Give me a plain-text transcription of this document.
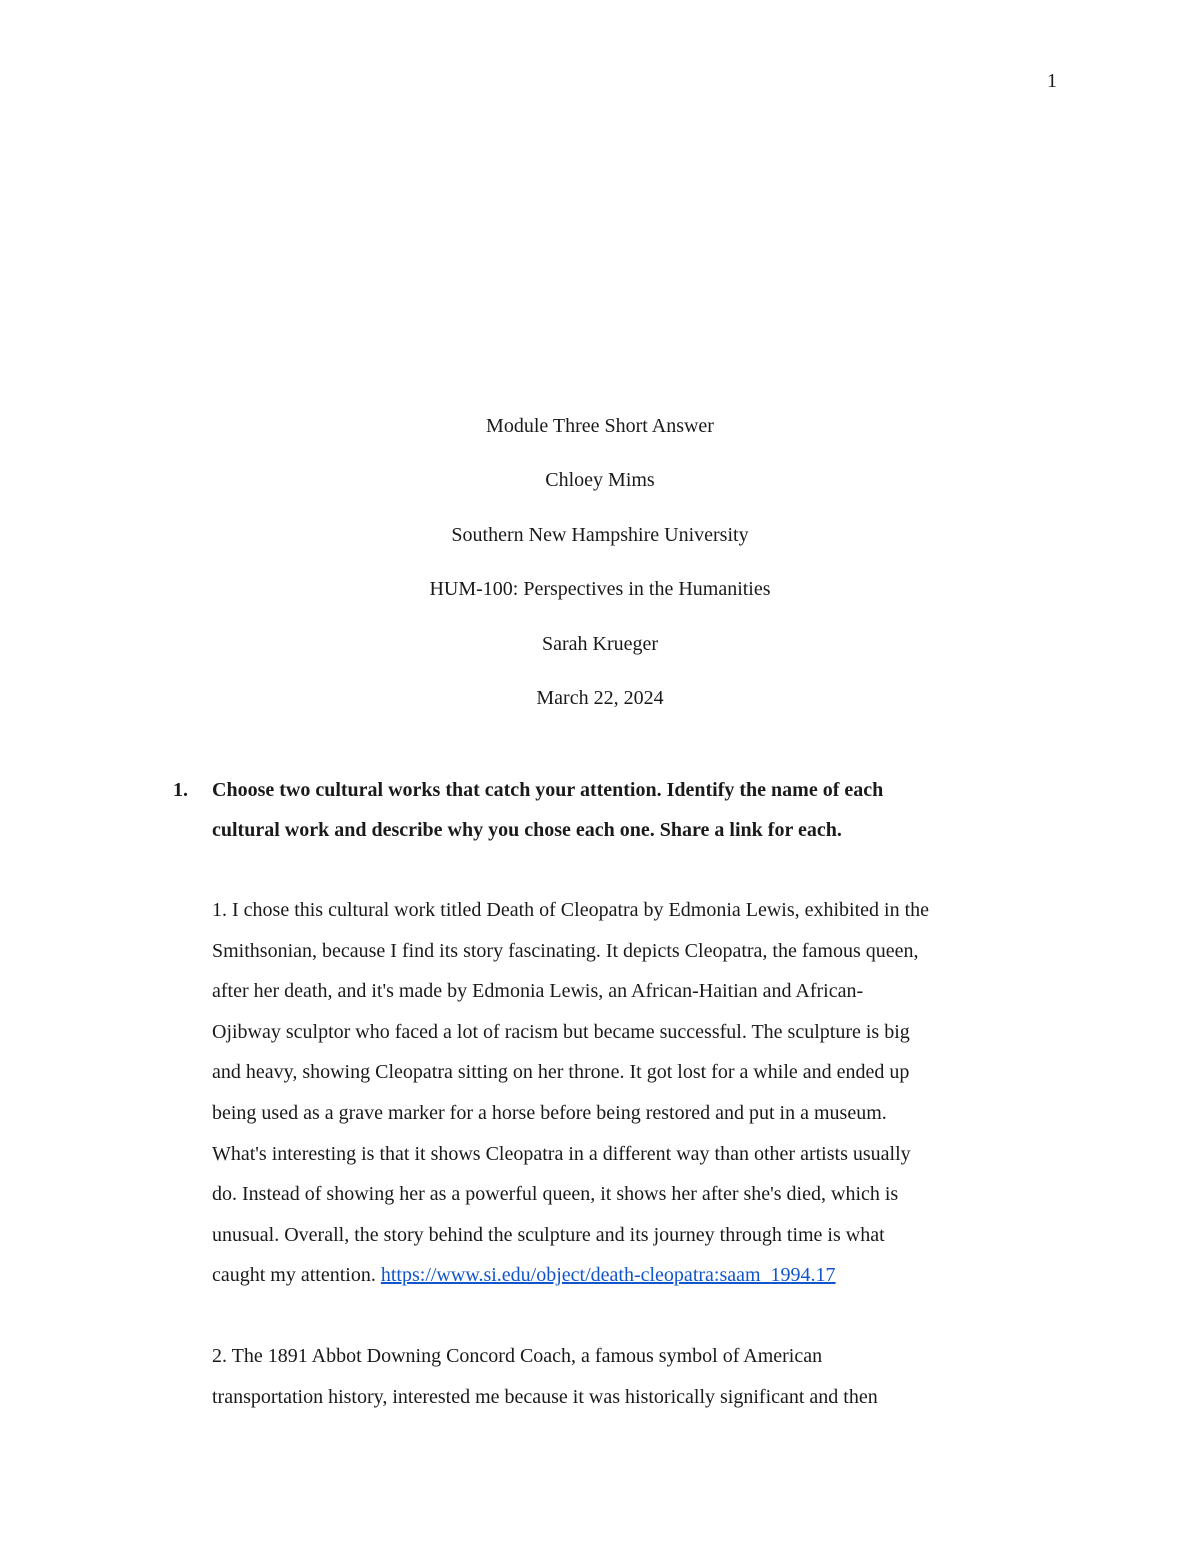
1
Module Three Short Answer
Chloey Mims
Southern New Hampshire University
HUM-100: Perspectives in the Humanities
Sarah Krueger
March 22, 2024
1. Choose two cultural works that catch your attention. Identify the name of each
cultural work and describe why you chose each one. Share a link for each.
1. I chose this cultural work titled Death of Cleopatra by Edmonia Lewis, exhibited in the
Smithsonian, because I find its story fascinating. It depicts Cleopatra, the famous queen,
after her death, and it's made by Edmonia Lewis, an African-Haitian and African-
Ojibway sculptor who faced a lot of racism but became successful. The sculpture is big
and heavy, showing Cleopatra sitting on her throne. It got lost for a while and ended up
being used as a grave marker for a horse before being restored and put in a museum.
What's interesting is that it shows Cleopatra in a different way than other artists usually
do. Instead of showing her as a powerful queen, it shows her after she's died, which is
unusual. Overall, the story behind the sculpture and its journey through time is what
caught my attention. https://www.si.edu/object/death-cleopatra:saam_1994.17
2. The 1891 Abbot Downing Concord Coach, a famous symbol of American
transportation history, interested me because it was historically significant and then
